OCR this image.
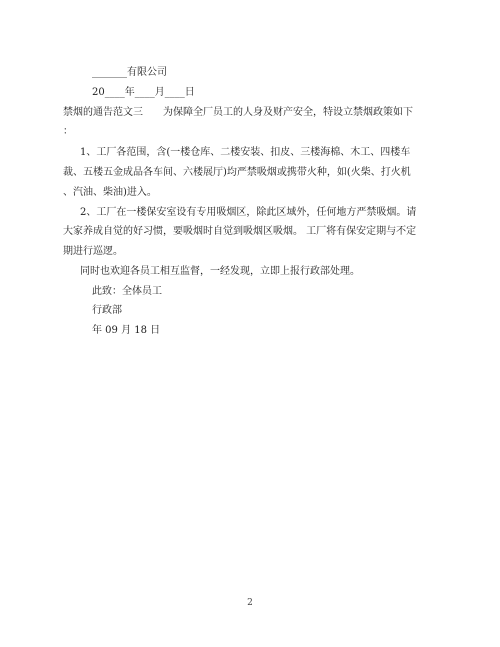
_______有限公司
20____年____月____日
禁烟的通告范文三　　为保障全厂员工的人身及财产安全，特设立禁烟政策如下
：
1、工厂各范围，含(一楼仓库、二楼安装、扣皮、三楼海棉、木工、四楼车
裁、五楼五金成品各车间、六楼展厅)均严禁吸烟或携带火种，如(火柴、打火机
、汽油、柴油)进入。
2、工厂在一楼保安室设有专用吸烟区，除此区域外，任何地方严禁吸烟。请
大家养成自觉的好习惯，要吸烟时自觉到吸烟区吸烟。 工厂将有保安定期与不定
期进行巡逻。
同时也欢迎各员工相互监督，一经发现，立即上报行政部处理。
此致：全体员工
行政部
年 09 月 18 日
2
